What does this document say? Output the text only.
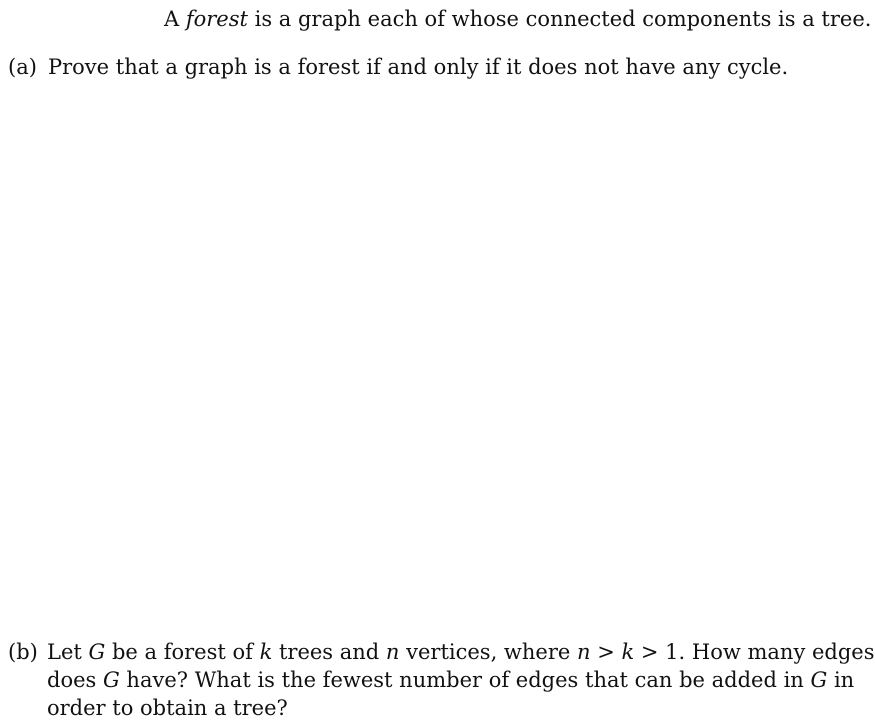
A forest is a graph each of whose connected components is a tree.
(a) Prove that a graph is a forest if and only if it does not have any cycle.
(b) Let G be a forest of k trees and n vertices, where n > k > 1. How many edges
does G have? What is the fewest number of edges that can be added in G in
order to obtain a tree?
